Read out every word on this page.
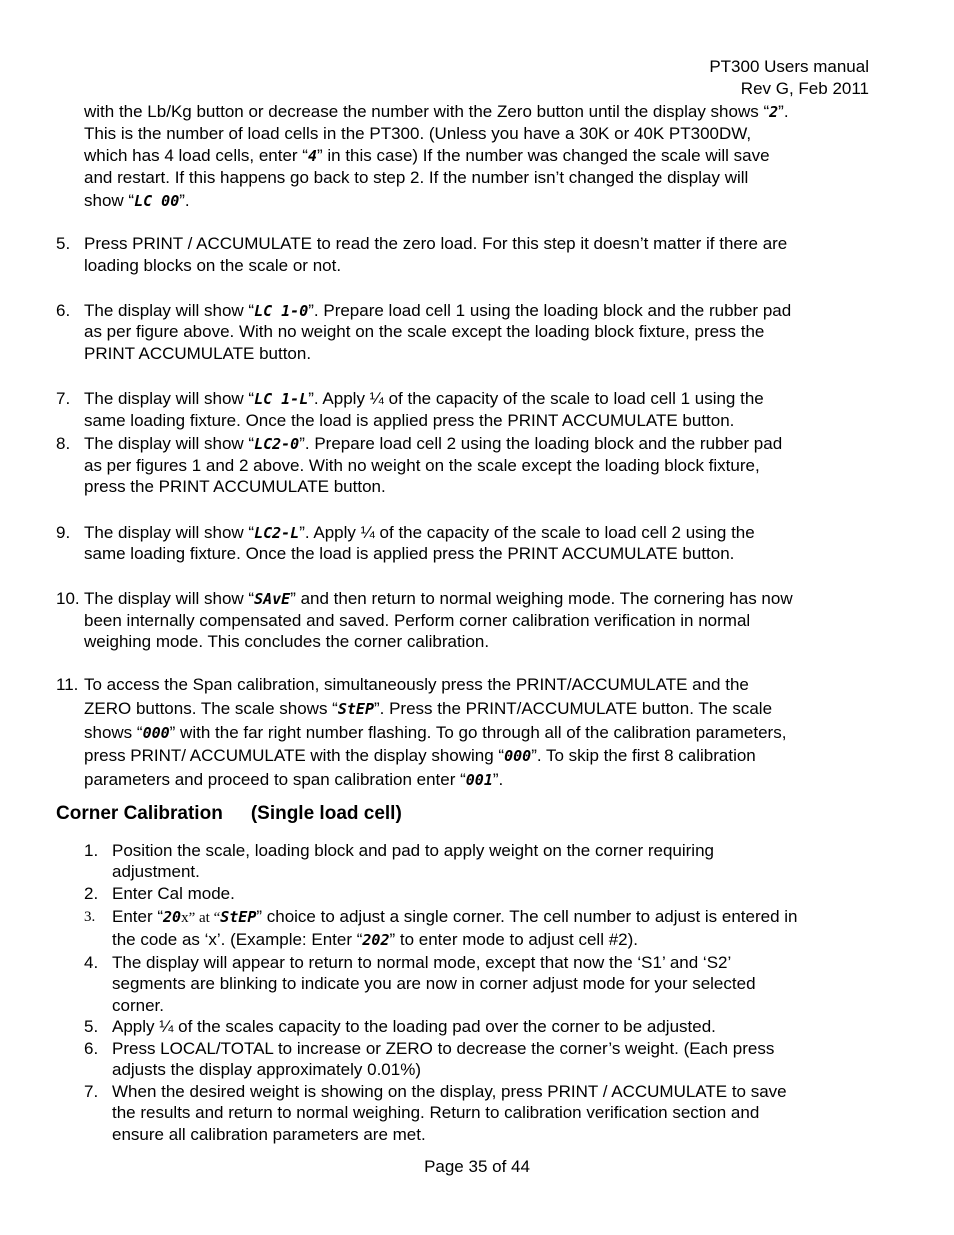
PT300 Users manual
Rev G, Feb 2011
with the Lb/Kg button or decrease the number with the Zero button until the display shows “2”.
This is the number of load cells in the PT300. (Unless you have a 30K or 40K PT300DW,
which has 4 load cells, enter “4” in this case) If the number was changed the scale will save
and restart. If this happens go back to step 2. If the number isn’t changed the display will
show “LC 00”.
5. Press PRINT / ACCUMULATE to read the zero load. For this step it doesn’t matter if there are
loading blocks on the scale or not.
6. The display will show “LC 1-0”. Prepare load cell 1 using the loading block and the rubber pad
as per figure above. With no weight on the scale except the loading block fixture, press the
PRINT ACCUMULATE button.
7. The display will show “LC 1-L”. Apply ¼ of the capacity of the scale to load cell 1 using the
same loading fixture. Once the load is applied press the PRINT ACCUMULATE button.
8. The display will show “LC2-0”. Prepare load cell 2 using the loading block and the rubber pad
as per figures 1 and 2 above. With no weight on the scale except the loading block fixture,
press the PRINT ACCUMULATE button.
9. The display will show “LC2-L”. Apply ¼ of the capacity of the scale to load cell 2 using the
same loading fixture. Once the load is applied press the PRINT ACCUMULATE button.
10. The display will show “SAvE” and then return to normal weighing mode. The cornering has now
been internally compensated and saved. Perform corner calibration verification in normal
weighing mode. This concludes the corner calibration.
11. To access the Span calibration, simultaneously press the PRINT/ACCUMULATE and the
ZERO buttons. The scale shows “StEP”. Press the PRINT/ACCUMULATE button. The scale
shows “000” with the far right number flashing. To go through all of the calibration parameters,
press PRINT/ ACCUMULATE with the display showing “000”. To skip the first 8 calibration
parameters and proceed to span calibration enter “001”.
Corner Calibration (Single load cell)
1. Position the scale, loading block and pad to apply weight on the corner requiring
adjustment.
2. Enter Cal mode.
3. Enter “20x” at “StEP” choice to adjust a single corner. The cell number to adjust is entered in
the code as ‘x’. (Example: Enter “202” to enter mode to adjust cell #2).
4. The display will appear to return to normal mode, except that now the ‘S1’ and ‘S2’
segments are blinking to indicate you are now in corner adjust mode for your selected
corner.
5. Apply ¼ of the scales capacity to the loading pad over the corner to be adjusted.
6. Press LOCAL/TOTAL to increase or ZERO to decrease the corner’s weight. (Each press
adjusts the display approximately 0.01%)
7. When the desired weight is showing on the display, press PRINT / ACCUMULATE to save
the results and return to normal weighing. Return to calibration verification section and
ensure all calibration parameters are met.
Page 35 of 44
